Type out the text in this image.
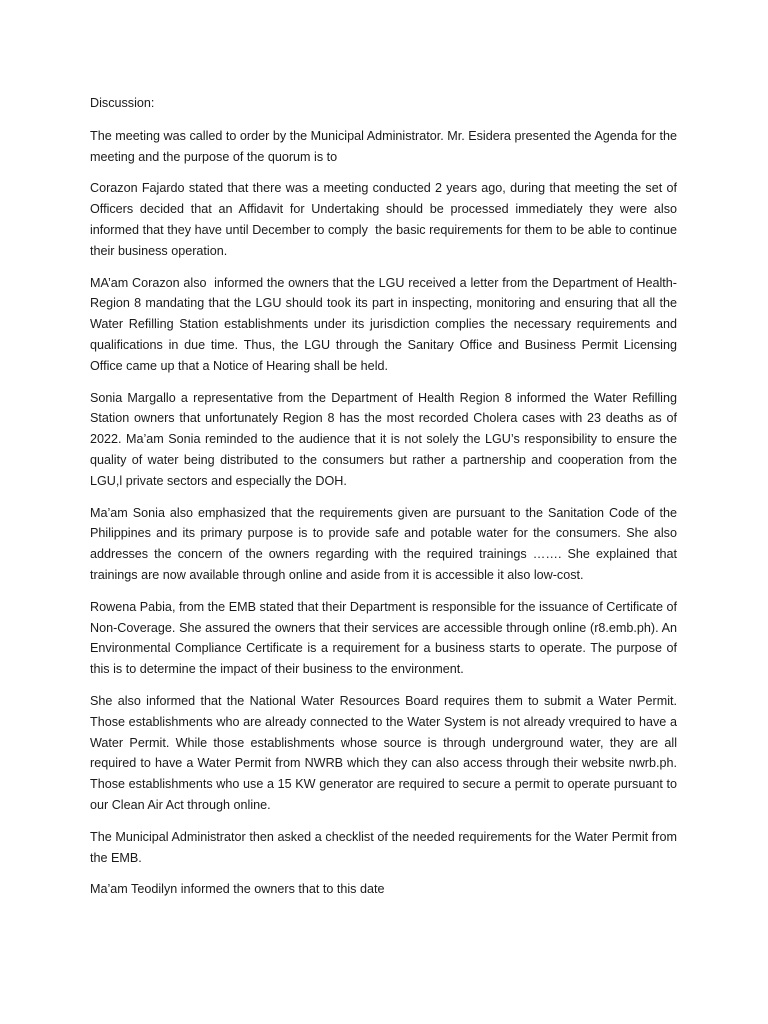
Discussion:

The meeting was called to order by the Municipal Administrator. Mr. Esidera presented the Agenda for the meeting and the purpose of the quorum is to

Corazon Fajardo stated that there was a meeting conducted 2 years ago, during that meeting the set of Officers decided that an Affidavit for Undertaking should be processed immediately they were also informed that they have until December to comply  the basic requirements for them to be able to continue their business operation.

MA’am Corazon also  informed the owners that the LGU received a letter from the Department of Health-Region 8 mandating that the LGU should took its part in inspecting, monitoring and ensuring that all the Water Refilling Station establishments under its jurisdiction complies the necessary requirements and qualifications in due time. Thus, the LGU through the Sanitary Office and Business Permit Licensing Office came up that a Notice of Hearing shall be held.

Sonia Margallo a representative from the Department of Health Region 8 informed the Water Refilling Station owners that unfortunately Region 8 has the most recorded Cholera cases with 23 deaths as of 2022. Ma’am Sonia reminded to the audience that it is not solely the LGU’s responsibility to ensure the quality of water being distributed to the consumers but rather a partnership and cooperation from the LGU,l private sectors and especially the DOH.

Ma’am Sonia also emphasized that the requirements given are pursuant to the Sanitation Code of the Philippines and its primary purpose is to provide safe and potable water for the consumers. She also addresses the concern of the owners regarding with the required trainings ……. She explained that trainings are now available through online and aside from it is accessible it also low-cost.

Rowena Pabia, from the EMB stated that their Department is responsible for the issuance of Certificate of Non-Coverage. She assured the owners that their services are accessible through online (r8.emb.ph). An Environmental Compliance Certificate is a requirement for a business starts to operate. The purpose of this is to determine the impact of their business to the environment.

She also informed that the National Water Resources Board requires them to submit a Water Permit. Those establishments who are already connected to the Water System is not already vrequired to have a Water Permit. While those establishments whose source is through underground water, they are all required to have a Water Permit from NWRB which they can also access through their website nwrb.ph. Those establishments who use a 15 KW generator are required to secure a permit to operate pursuant to our Clean Air Act through online.

The Municipal Administrator then asked a checklist of the needed requirements for the Water Permit from the EMB.

Ma’am Teodilyn informed the owners that to this date
